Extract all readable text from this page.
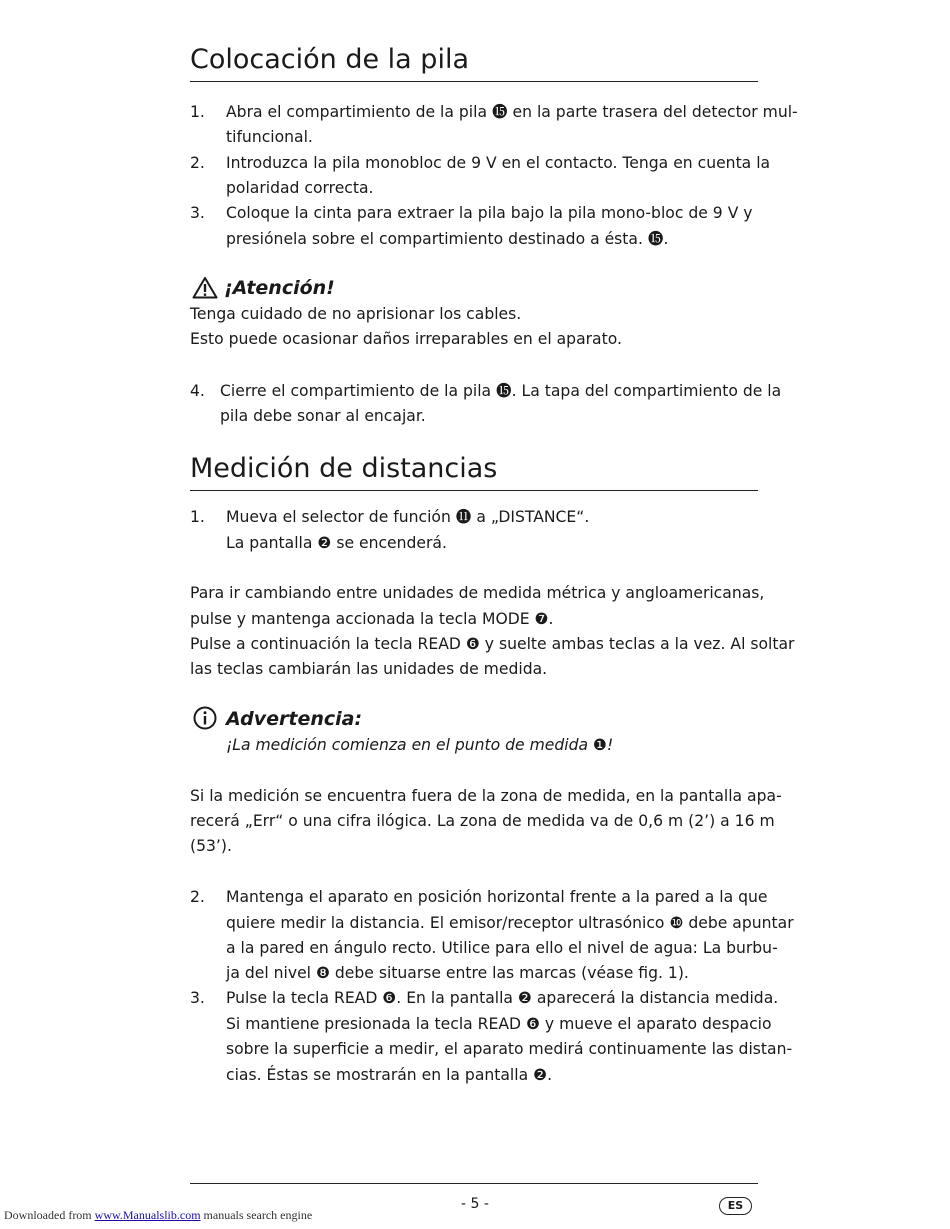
Colocación de la pila
1. Abra el compartimiento de la pila ⓯ en la parte trasera del detector mul-
tifuncional.
2. Introduzca la pila monobloc de 9 V en el contacto. Tenga en cuenta la
polaridad correcta.
3. Coloque la cinta para extraer la pila bajo la pila mono-bloc de 9 V y
presiónela sobre el compartimiento destinado a ésta. ⓯.
¡Atención!
Tenga cuidado de no aprisionar los cables.
Esto puede ocasionar daños irreparables en el aparato.
4. Cierre el compartimiento de la pila ⓯. La tapa del compartimiento de la
pila debe sonar al encajar.
Medición de distancias
1. Mueva el selector de función ⓫ a „DISTANCE“.
La pantalla ❷ se encenderá.
Para ir cambiando entre unidades de medida métrica y angloamericanas,
pulse y mantenga accionada la tecla MODE ❼.
Pulse a continuación la tecla READ ❻ y suelte ambas teclas a la vez. Al soltar
las teclas cambiarán las unidades de medida.
Advertencia:
¡La medición comienza en el punto de medida ❶!
Si la medición se encuentra fuera de la zona de medida, en la pantalla apa-
recerá „Err“ o una cifra ilógica. La zona de medida va de 0,6 m (2’) a 16 m
(53’).
2. Mantenga el aparato en posición horizontal frente a la pared a la que
quiere medir la distancia. El emisor/receptor ultrasónico ❿ debe apuntar
a la pared en ángulo recto. Utilice para ello el nivel de agua: La burbu-
ja del nivel ❽ debe situarse entre las marcas (véase fig. 1).
3. Pulse la tecla READ ❻. En la pantalla ❷ aparecerá la distancia medida.
Si mantiene presionada la tecla READ ❻ y mueve el aparato despacio
sobre la superficie a medir, el aparato medirá continuamente las distan-
cias. Éstas se mostrarán en la pantalla ❷.
- 5 -	ES
Downloaded from www.Manualslib.com manuals search engine
